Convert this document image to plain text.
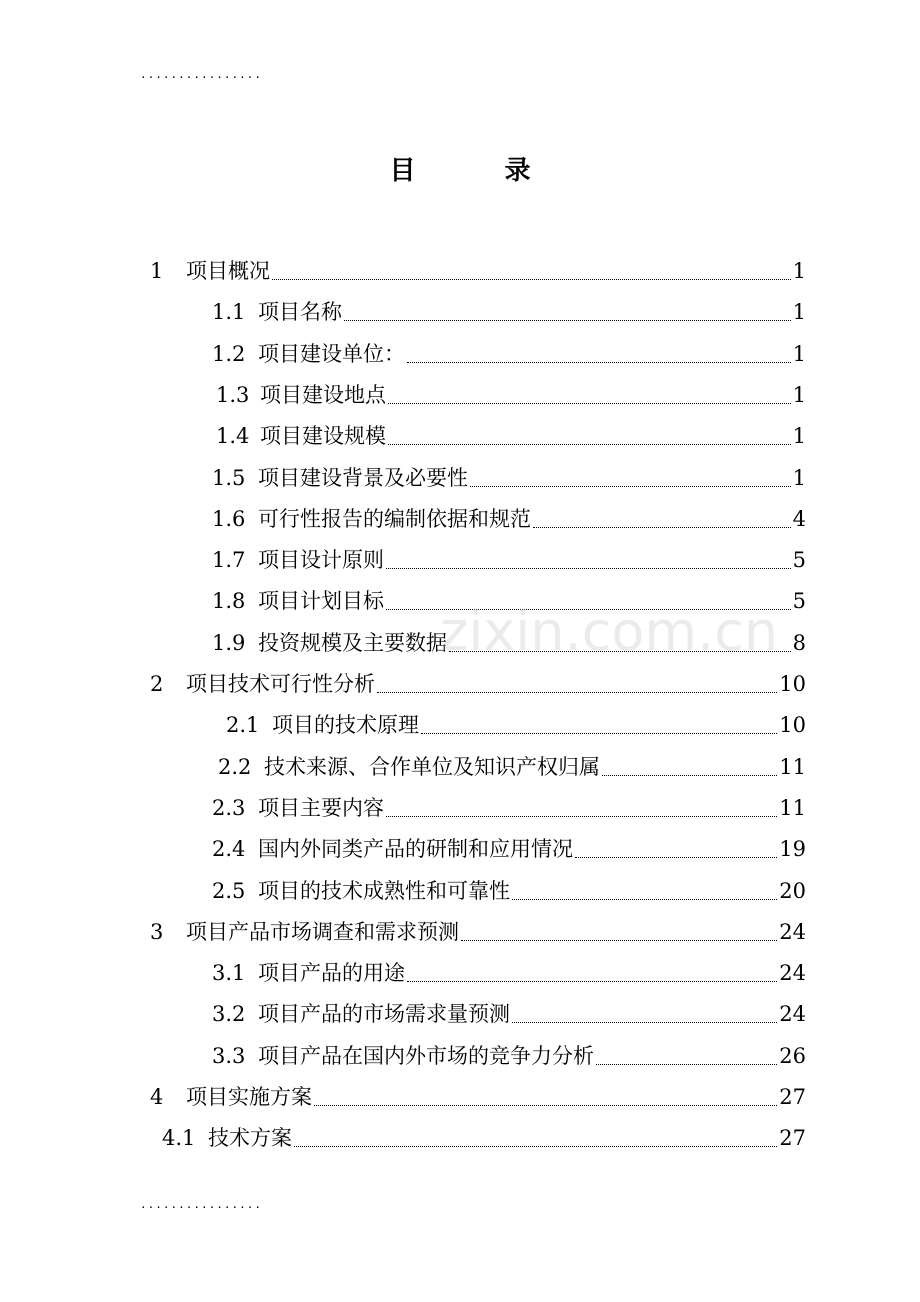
................
目 录
1	项目概况	1
1.1 项目名称	1
1.2 项目建设单位：	1
1.3 项目建设地点	1
1.4 项目建设规模	1
1.5 项目建设背景及必要性	1
1.6 可行性报告的编制依据和规范	4
1.7 项目设计原则	5
1.8 项目计划目标	5
1.9 投资规模及主要数据	8
2	项目技术可行性分析	10
2.1 项目的技术原理	10
2.2 技术来源、合作单位及知识产权归属	11
2.3 项目主要内容	11
2.4 国内外同类产品的研制和应用情况	19
2.5 项目的技术成熟性和可靠性	20
3	项目产品市场调查和需求预测	24
3.1 项目产品的用途	24
3.2 项目产品的市场需求量预测	24
3.3 项目产品在国内外市场的竞争力分析	26
4	项目实施方案	27
4.1 技术方案	27
zixin.com.cn
................
